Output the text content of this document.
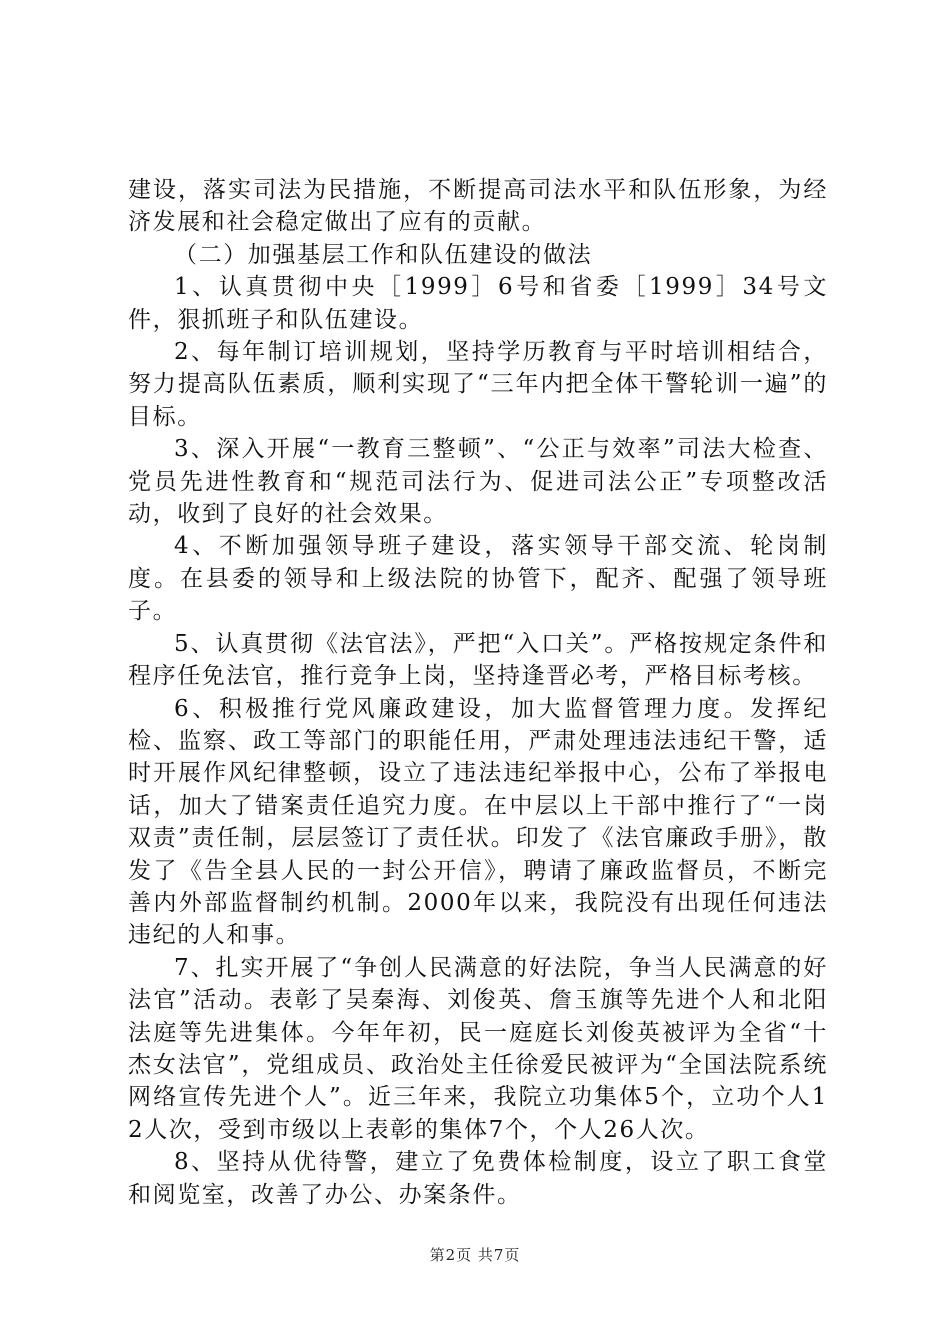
建设，落实司法为民措施，不断提高司法水平和队伍形象，为经济发展和社会稳定做出了应有的贡献。

（二）加强基层工作和队伍建设的做法

1、认真贯彻中央［1999］6号和省委［1999］34号文件，狠抓班子和队伍建设。

2、每年制订培训规划，坚持学历教育与平时培训相结合，努力提高队伍素质，顺利实现了“三年内把全体干警轮训一遍”的目标。

3、深入开展“一教育三整顿”、“公正与效率”司法大检查、党员先进性教育和“规范司法行为、促进司法公正”专项整改活动，收到了良好的社会效果。

4、不断加强领导班子建设，落实领导干部交流、轮岗制度。在县委的领导和上级法院的协管下，配齐、配强了领导班子。

5、认真贯彻《法官法》，严把“入口关”。严格按规定条件和程序任免法官，推行竞争上岗，坚持逢晋必考，严格目标考核。

6、积极推行党风廉政建设，加大监督管理力度。发挥纪检、监察、政工等部门的职能任用，严肃处理违法违纪干警，适时开展作风纪律整顿，设立了违法违纪举报中心，公布了举报电话，加大了错案责任追究力度。在中层以上干部中推行了“一岗双责”责任制，层层签订了责任状。印发了《法官廉政手册》，散发了《告全县人民的一封公开信》，聘请了廉政监督员，不断完善内外部监督制约机制。2000年以来，我院没有出现任何违法违纪的人和事。

7、扎实开展了“争创人民满意的好法院，争当人民满意的好法官”活动。表彰了吴秦海、刘俊英、詹玉旗等先进个人和北阳法庭等先进集体。今年年初，民一庭庭长刘俊英被评为全省“十杰女法官”，党组成员、政治处主任徐爱民被评为“全国法院系统网络宣传先进个人”。近三年来，我院立功集体5个，立功个人12人次，受到市级以上表彰的集体7个，个人26人次。

8、坚持从优待警，建立了免费体检制度，设立了职工食堂和阅览室，改善了办公、办案条件。

第2页 共7页
